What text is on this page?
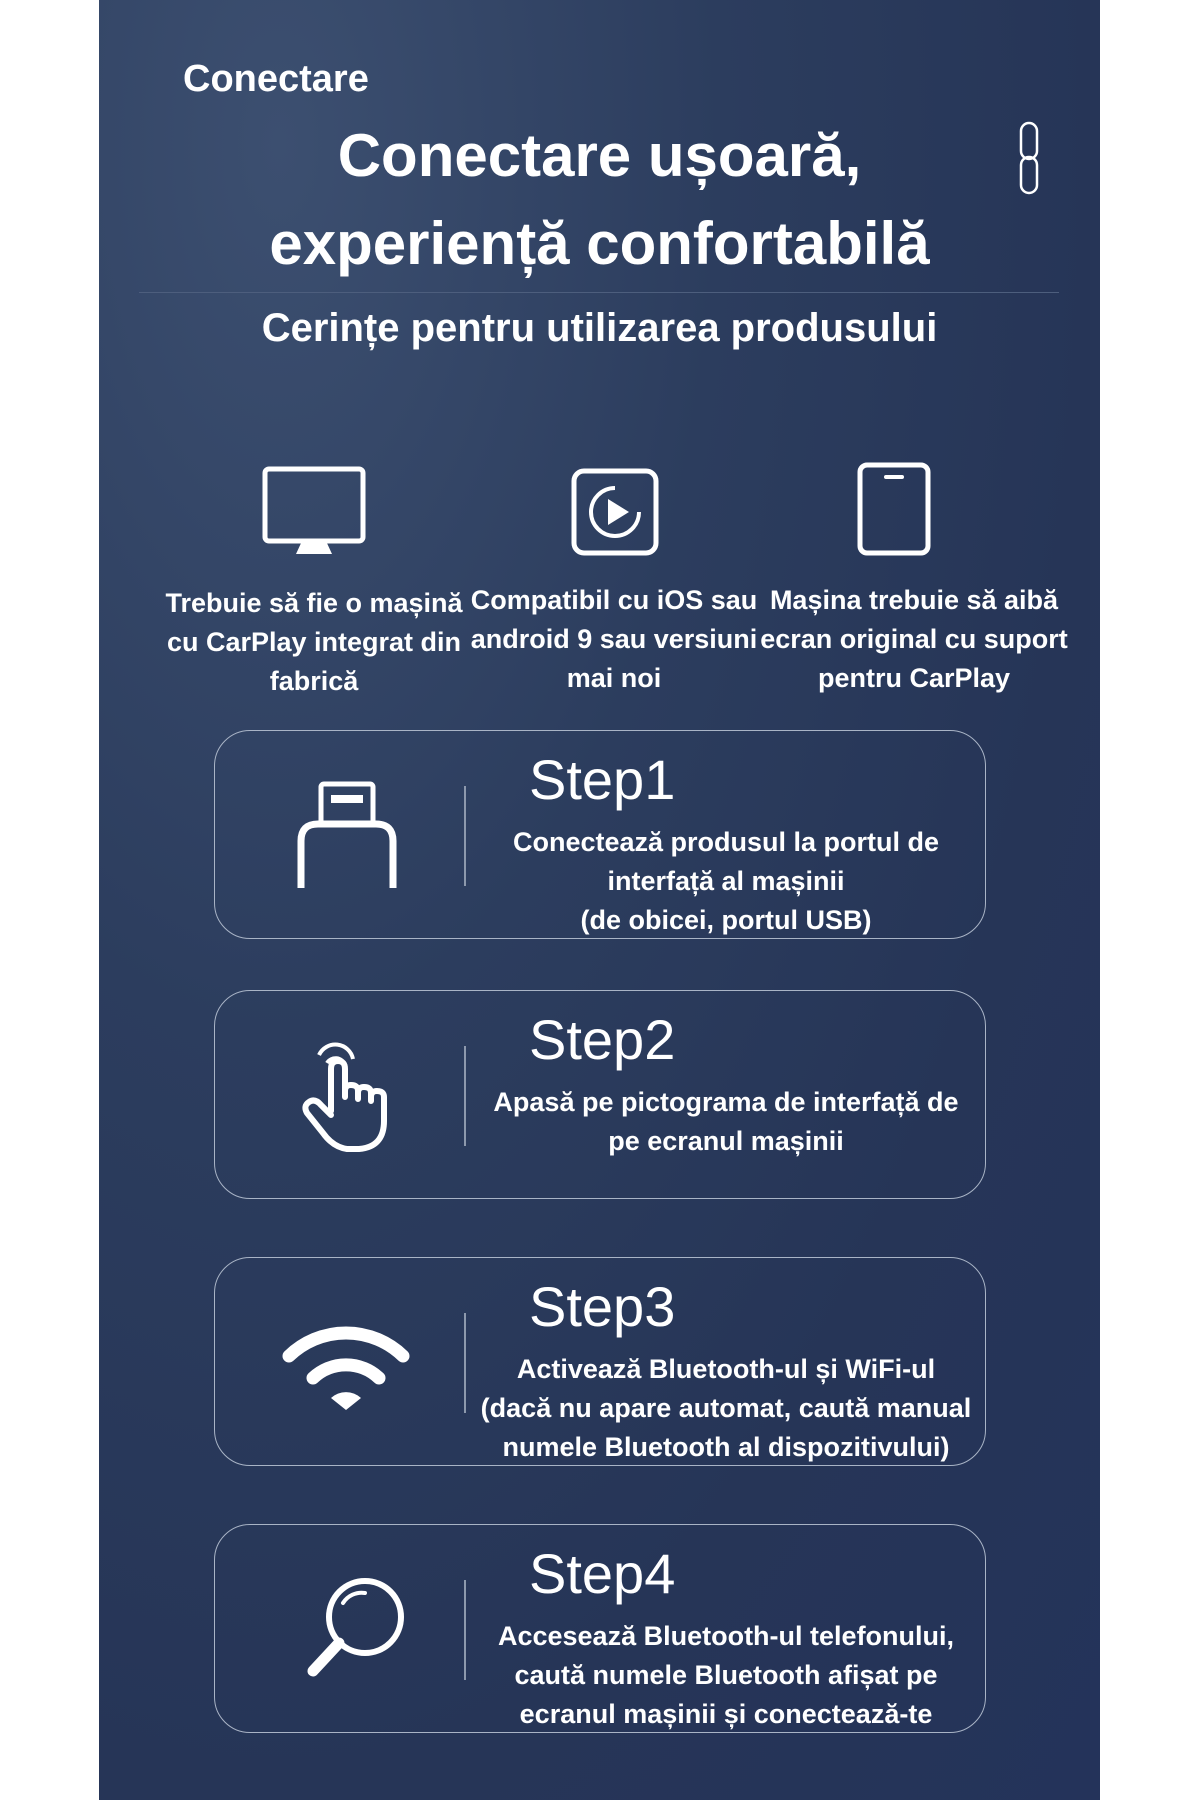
Conectare
Conectare ușoară,
experiență confortabilă
Cerințe pentru utilizarea produsului
Trebuie să fie o mașină cu CarPlay integrat din fabrică
Compatibil cu iOS sau android 9 sau versiuni mai noi
Mașina trebuie să aibă ecran original cu suport pentru CarPlay
Step1
Conectează produsul la portul de
interfață al mașinii
(de obicei, portul USB)
Step2
Apasă pe pictograma de interfață de
pe ecranul mașinii
Step3
Activează Bluetooth-ul și WiFi-ul
(dacă nu apare automat, caută manual
numele Bluetooth al dispozitivului)
Step4
Accesează Bluetooth-ul telefonului,
caută numele Bluetooth afișat pe
ecranul mașinii și conectează-te
